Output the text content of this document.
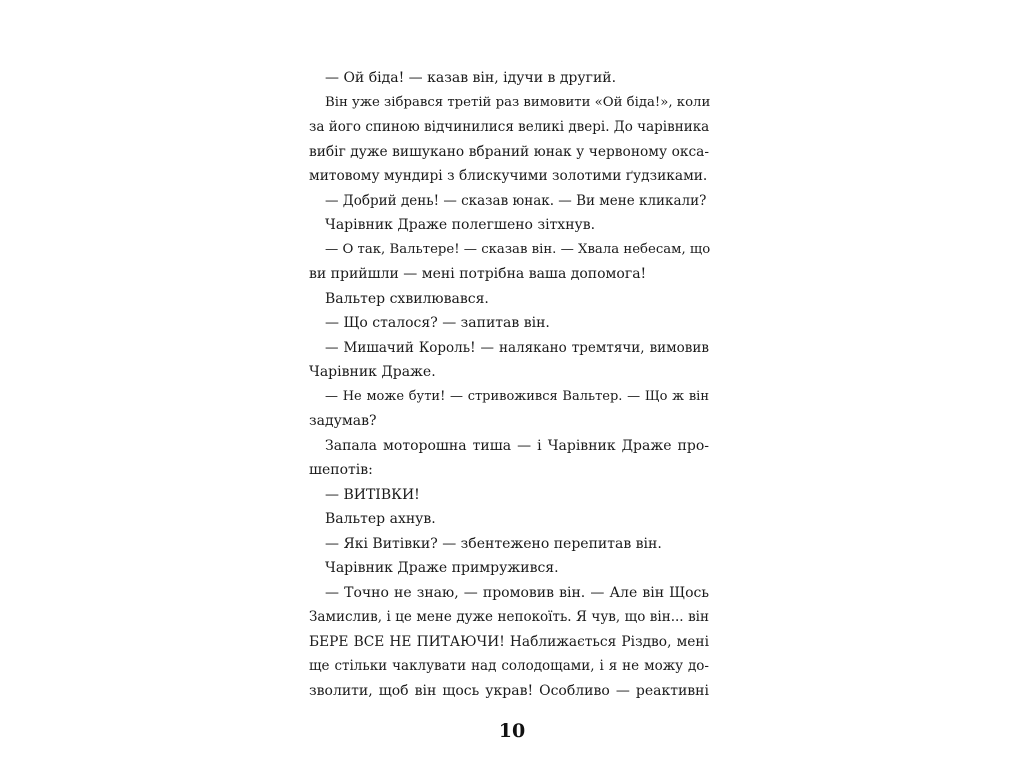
— Ой біда! — казав він, ідучи в другий.
Він уже зібрався третій раз вимовити «Ой біда!», коли
за його спиною відчинилися великі двері. До чарівника
вибіг дуже вишукано вбраний юнак у червоному окса-
митовому мундирі з блискучими золотими ґудзиками.
— Добрий день! — сказав юнак. — Ви мене кликали?
Чарівник Драже полегшено зітхнув.
— О так, Вальтере! — сказав він. — Хвала небесам, що
ви прийшли — мені потрібна ваша допомога!
Вальтер схвилювався.
— Що сталося? — запитав він.
— Мишачий Король! — налякано тремтячи, вимовив
Чарівник Драже.
— Не може бути! — стривожився Вальтер. — Що ж він
задумав?
Запала моторошна тиша — і Чарівник Драже про-
шепотів:
— ВИТІВКИ!
Вальтер ахнув.
— Які Витівки? — збентежено перепитав він.
Чарівник Драже примружився.
— Точно не знаю, — промовив він. — Але він Щось
Замислив, і це мене дуже непокоїть. Я чув, що він... він
БЕРЕ ВСЕ НЕ ПИТАЮЧИ! Наближається Різдво, мені
ще стільки чаклувати над солодощами, і я не можу до-
зволити, щоб він щось украв! Особливо — реактивні
10
